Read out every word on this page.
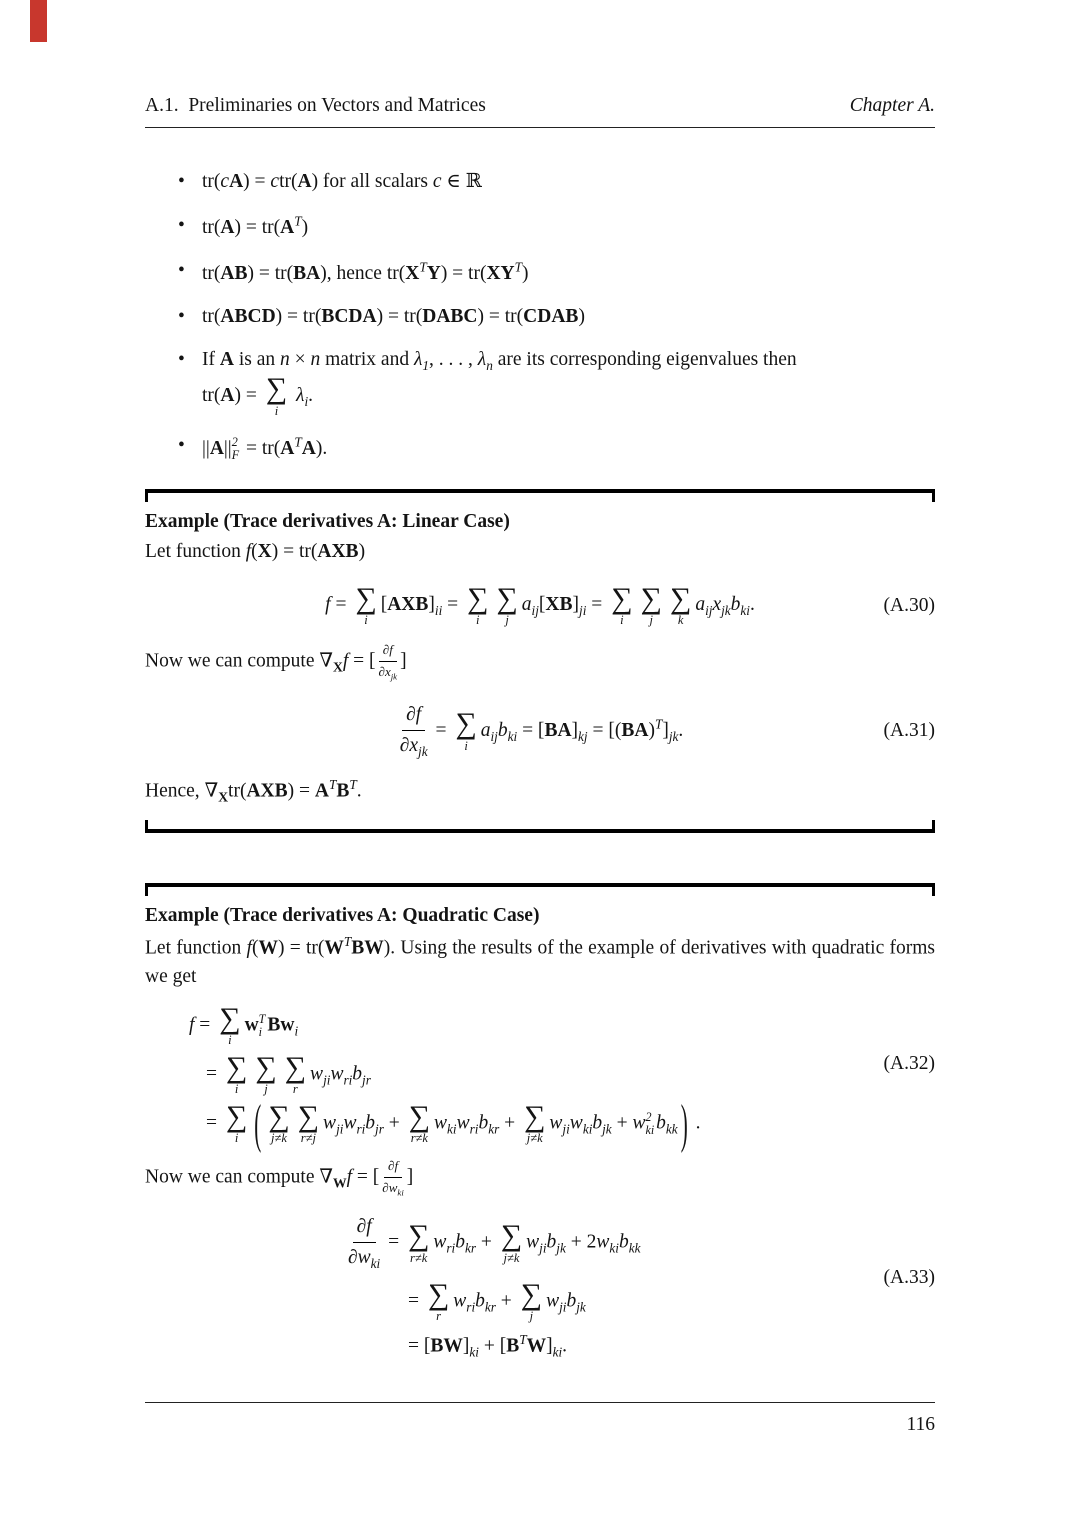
A.1.  Preliminaries on Vectors and Matrices	Chapter A.
• tr(cA) = ctr(A) for all scalars c ∈ ℝ
• $tr(A) = tr(A^T)$
• tr(AB) = tr(BA), hence $tr(X^TY) = tr(XY^T)$
• tr(ABCD) = tr(BCDA) = tr(DABC) = tr(CDAB)
• If A is an n × n matrix and $\lambda_1$, . . . , $\lambda_n$ are its corresponding eigenvalues then
tr(A) = ∑
i
$\lambda_i$.
• ||A|| 2
$F = tr(A^TA)$.
Example (Trace derivatives A: Linear Case)
Let function f(X) = tr(AXB)
f = ∑
i
$[AXB]_{ii}$ = ∑
i
∑
j
$a_{ij}[XB]_{ji}$ = ∑
i
∑
j
∑
k
$a_{ij}x_{jk}b_{ki}$.	(A.30)
Now we can compute $\nabla_Xf$ = [ $\frac{\partial f}{\partial x_{jk}}$ ]
$\frac{\partial f}{\partial x_{jk}}$ = ∑
i
$a_{ij}b_{ki} = [BA]_{kj} = [(BA)^T]_{jk}$.	(A.31)
Hence, $\nabla_Xtr(AXB) = A^TB^T$.
Example (Trace derivatives A: Quadratic Case)
Let function $f(W) = tr(W^TBW)$. Using the results of the example of derivatives with quadratic forms we get
f = ∑
i
w T
i $Bw_i$
= ∑
i
∑
j
∑
r
$w_{ji}w_{ri}b_{jr}$
= ∑
i ( ∑
j≠k
∑
r≠j
$w_{ji}w_{ri}b_{jr}$ + ∑
r≠k
$w_{ki}w_{ri}b_{kr}$ + ∑
j≠k
$w_{ji}w_{ki}b_{jk} + w$ 2
ki $b_{kk}$ ) .
(A.32)
Now we can compute $\nabla_Wf$ = [ $\frac{\partial f}{\partial w_{ki}}$ ]
$\frac{\partial f}{\partial w_{ki}}$ = ∑
r≠k
$w_{ri}b_{kr}$ + ∑
j≠k
$w_{ji}b_{jk} + 2w_{ki}b_{kk}$
= ∑
r
$w_{ri}b_{kr}$ + ∑
j
$w_{ji}b_{jk}$
= $[BW]_{ki} + [B^TW]_{ki}$.
(A.33)
116
